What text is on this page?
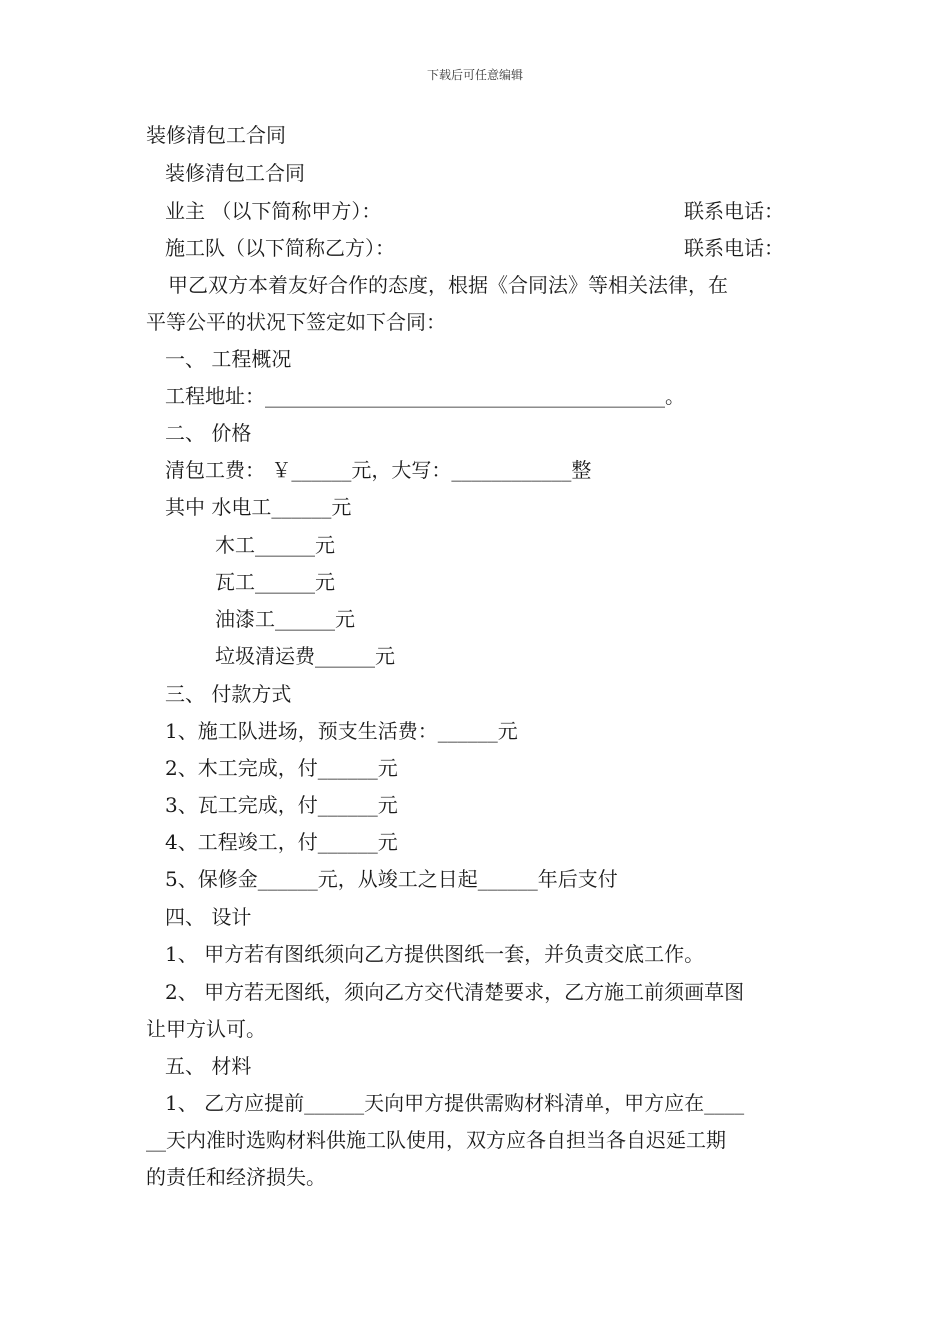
下载后可任意编辑
装修清包工合同
装修清包工合同
业主 （以下简称甲方）：	联系电话：
施工队（以下简称乙方）：	联系电话：
甲乙双方本着友好合作的态度，根据《合同法》等相关法律，在
平等公平的状况下签定如下合同：
一、 工程概况
工程地址：________________________________________。
二、 价格
清包工费： ￥______元，大写：____________整
其中 水电工______元
木工______元
瓦工______元
油漆工______元
垃圾清运费______元
三、 付款方式
1、施工队进场，预支生活费：______元
2、木工完成，付______元
3、瓦工完成，付______元
4、工程竣工，付______元
5、保修金______元，从竣工之日起______年后支付
四、 设计
1、 甲方若有图纸须向乙方提供图纸一套，并负责交底工作。
2、 甲方若无图纸，须向乙方交代清楚要求，乙方施工前须画草图
让甲方认可。
五、 材料
1、 乙方应提前______天向甲方提供需购材料清单，甲方应在____
__天内准时选购材料供施工队使用，双方应各自担当各自迟延工期
的责任和经济损失。
